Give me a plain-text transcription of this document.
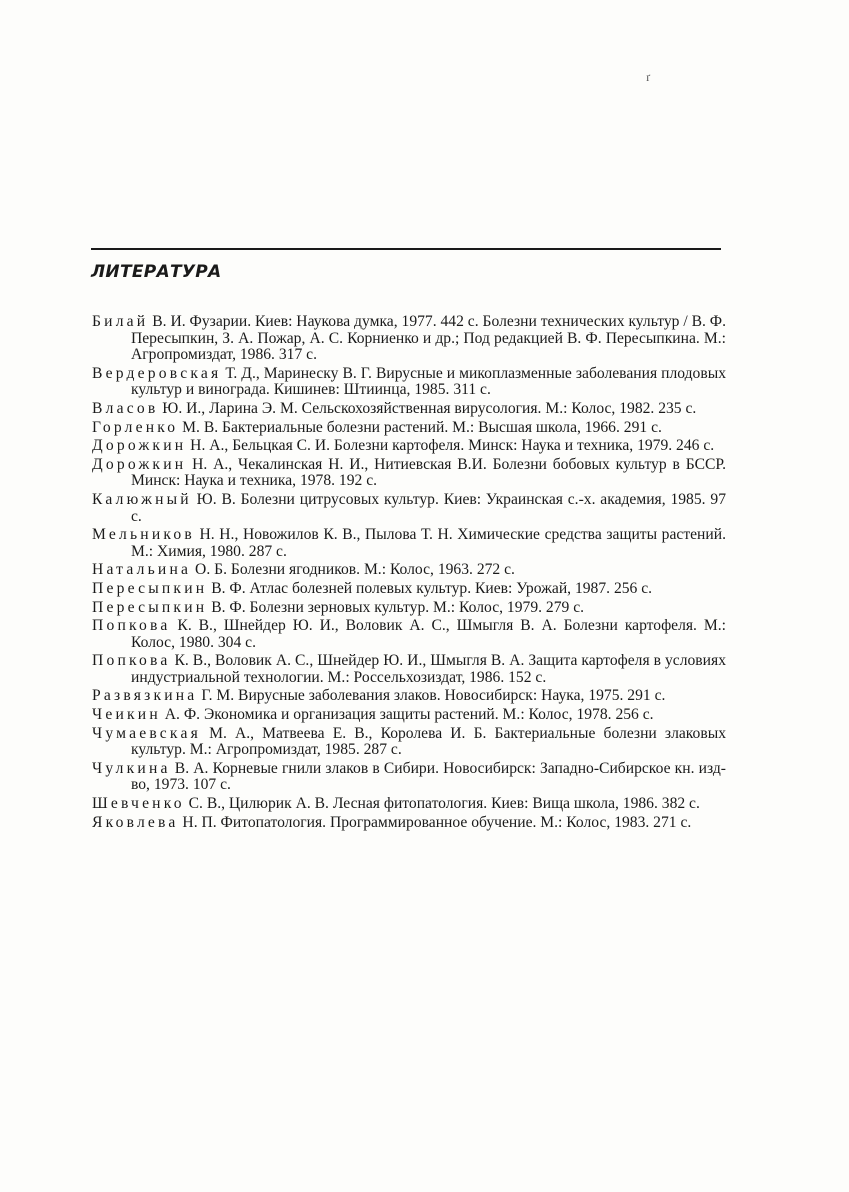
ґ
ЛИТЕРАТУРА

Билай В. И. Фузарии. Киев: Наукова думка, 1977. 442 с. Болезни технических культур / В. Ф. Пересыпкин, З. А. Пожар, А. С. Корниенко и др.; Под редакцией В. Ф. Пересыпкина. М.: Агропромиздат, 1986. 317 с.

Вердеровская Т. Д., Маринеску В. Г. Вирусные и микоплазменные заболевания плодовых культур и винограда. Кишинев: Штиинца, 1985. 311 с.

Власов Ю. И., Ларина Э. М. Сельскохозяйственная вирусология. М.: Колос, 1982. 235 с.

Горленко М. В. Бактериальные болезни растений. М.: Высшая школа, 1966. 291 с.

Дорожкин Н. А., Бельцкая С. И. Болезни картофеля. Минск: Наука и техника, 1979. 246 с.

Дорожкин Н. А., Чекалинская Н. И., Нитиевская В.И. Болезни бобовых культур в БССР. Минск: Наука и техника, 1978. 192 с.

Калюжный Ю. В. Болезни цитрусовых культур. Киев: Украинская с.-х. академия, 1985. 97 с.

Мельников Н. Н., Новожилов К. В., Пылова Т. Н. Химические средства защиты растений. М.: Химия, 1980. 287 с.

Натальина О. Б. Болезни ягодников. М.: Колос, 1963. 272 с.

Пересыпкин В. Ф. Атлас болезней полевых культур. Киев: Урожай, 1987. 256 с.

Пересыпкин В. Ф. Болезни зерновых культур. М.: Колос, 1979. 279 с.

Попкова К. В., Шнейдер Ю. И., Воловик А. С., Шмыгля В. А. Болезни картофеля. М.: Колос, 1980. 304 с.

Попкова К. В., Воловик А. С., Шнейдер Ю. И., Шмыгля В. А. Защита картофеля в условиях индустриальной технологии. М.: Россельхозиздат, 1986. 152 с.

Развязкина Г. М. Вирусные заболевания злаков. Новосибирск: Наука, 1975. 291 с.

Чеикин А. Ф. Экономика и организация защиты растений. М.: Колос, 1978. 256 с.

Чумаевская М. А., Матвеева Е. В., Королева И. Б. Бактериальные болезни злаковых культур. М.: Агропромиздат, 1985. 287 с.

Чулкина В. А. Корневые гнили злаков в Сибири. Новосибирск: Западно-Сибирское кн. изд-во, 1973. 107 с.

Шевченко С. В., Цилюрик А. В. Лесная фитопатология. Киев: Вища школа, 1986. 382 с.

Яковлева Н. П. Фитопатология. Программированное обучение. М.: Колос, 1983. 271 с.
